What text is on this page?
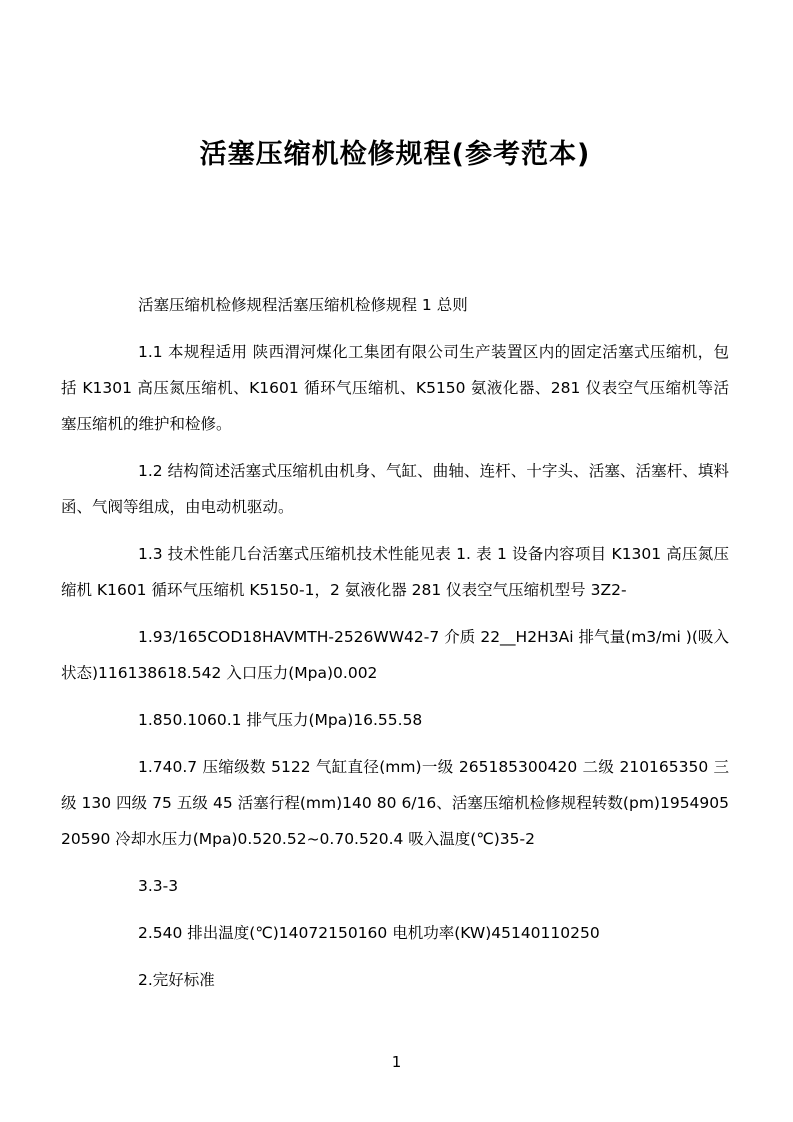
活塞压缩机检修规程(参考范本)

活塞压缩机检修规程活塞压缩机检修规程 1 总则

1.1 本规程适用 陕西渭河煤化工集团有限公司生产装置区内的固定活塞式压缩机，包括 K1301 高压氮压缩机、K1601 循环气压缩机、K5150 氨液化器、281 仪表空气压缩机等活塞压缩机的维护和检修。

1.2 结构简述活塞式压缩机由机身、气缸、曲轴、连杆、十字头、活塞、活塞杆、填料函、气阀等组成，由电动机驱动。

1.3 技术性能几台活塞式压缩机技术性能见表 1. 表 1 设备内容项目 K1301 高压氮压缩机 K1601 循环气压缩机 K5150-1，2 氨液化器 281 仪表空气压缩机型号 3Z2-

1.93/165COD18HAVMTH-2526WW42-7 介质 22__H2H3Ai 排气量(m3/mi )(吸入状态)116138618.542 入口压力(Mpa)0.002

1.850.1060.1 排气压力(Mpa)16.55.58

1.740.7 压缩级数 5122 气缸直径(mm)一级 265185300420 二级 210165350 三级 130 四级 75 五级 45 活塞行程(mm)140 80 6/16、活塞压缩机检修规程转数(pm)195490520590 冷却水压力(Mpa)0.520.52~0.70.520.4 吸入温度(℃)35-2

3.3-3

2.540 排出温度(℃)14072150160 电机功率(KW)45140110250

2.完好标准

1
